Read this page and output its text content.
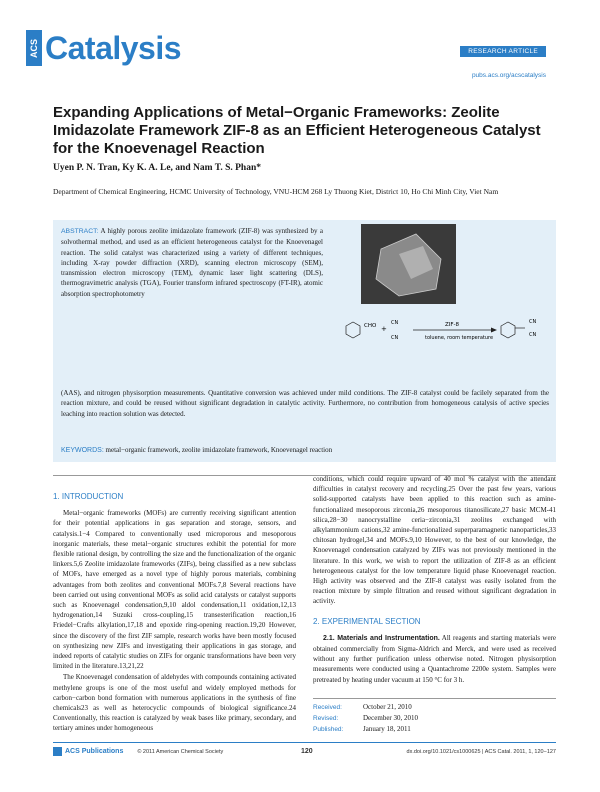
ACS Catalysis	RESEARCH ARTICLE
pubs.acs.org/acscatalysis
Expanding Applications of Metal−Organic Frameworks: Zeolite Imidazolate Framework ZIF-8 as an Efficient Heterogeneous Catalyst for the Knoevenagel Reaction
Uyen P. N. Tran, Ky K. A. Le, and Nam T. S. Phan*
Department of Chemical Engineering, HCMC University of Technology, VNU-HCM 268 Ly Thuong Kiet, District 10, Ho Chi Minh City, Viet Nam
ABSTRACT: A highly porous zeolite imidazolate framework (ZIF-8) was synthesized by a solvothermal method, and used as an efficient heterogeneous catalyst for the Knoevenagel reaction. The solid catalyst was characterized using a variety of different techniques, including X-ray powder diffraction (XRD), scanning electron microscopy (SEM), transmission electron microscopy (TEM), dynamic laser light scattering (DLS), thermogravimetric analysis (TGA), Fourier transform infrared spectroscopy (FT-IR), atomic absorption spectrophotometry
CHO +
CN
CN
ZIF-8
toluene, room temperature
CN
CN
(AAS), and nitrogen physisorption measurements. Quantitative conversion was achieved under mild conditions. The ZIF-8 catalyst could be facilely separated from the reaction mixture, and could be reused without significant degradation in catalytic activity. Furthermore, no contribution from homogeneous catalysis of active species leaching into reaction solution was detected.
KEYWORDS: metal−organic framework, zeolite imidazolate framework, Knoevenagel reaction
1. INTRODUCTION

Metal−organic frameworks (MOFs) are currently receiving significant attention for their potential applications in gas separation and storage, sensors, and catalysis.1−4 Compared to conventionally used microporous and mesoporous inorganic materials, these metal−organic structures exhibit the potential for more flexible rational design, by controlling the size and the functionalization of the organic linkers.5,6 Zeolite imidazolate frameworks (ZIFs), being classified as a new subclass of MOFs, have emerged as a novel type of highly porous materials, combining advantages from both zeolites and conventional MOFs.7,8 Several reactions have been carried out using conventional MOFs as solid acid catalysts or catalyst supports such as Knoevenagel condensation,9,10 aldol condensation,11 oxidation,12,13 hydrogenation,14 Suzuki cross-coupling,15 transesterification reaction,16 Friedel−Crafts alkylation,17,18 and epoxide ring-opening reaction.19,20 However, since the discovery of the first ZIF sample, research works have been mostly focused on synthesizing new ZIFs and investigating their applications in gas storage, and indeed reports of catalytic studies on ZIFs for organic transformations have been very limited in the literature.13,21,22

The Knoevenagel condensation of aldehydes with compounds containing activated methylene groups is one of the most useful and widely employed methods for carbon−carbon bond formation with numerous applications in the synthesis of fine chemicals23 as well as heterocyclic compounds of biological significance.24 Conventionally, this reaction is catalyzed by weak bases like primary, secondary, and tertiary amines under homogeneous

conditions, which could require upward of 40 mol % catalyst with the attendant difficulties in catalyst recovery and recycling.25 Over the past few years, various solid-supported catalysts have been applied to this reaction such as amine-functionalized mesoporous zirconia,26 mesoporous titanosilicate,27 basic MCM-41 silica,28−30 nanocrystalline ceria−zirconia,31 zeolites exchanged with alkylammonium cations,32 amine-functionalized superparamagnetic nanoparticles,33 chitosan hydrogel,34 and MOFs.9,10 However, to the best of our knowledge, the Knoevenagel condensation catalyzed by ZIFs was not previously mentioned in the literature. In this work, we wish to report the utilization of ZIF-8 as an efficient heterogeneous catalyst for the low temperature liquid phase Knoevenagel reaction. High activity was observed and the ZIF-8 catalyst was easily isolated from the reaction mixture by simple filtration and reused without significant degradation in activity.

2. EXPERIMENTAL SECTION

2.1. Materials and Instrumentation. All reagents and starting materials were obtained commercially from Sigma-Aldrich and Merck, and were used as received without any further purification unless otherwise noted. Nitrogen physisorption measurements were conducted using a Quantachrome 2200e system. Samples were pretreated by heating under vacuum at 150 °C for 3 h.

Received:	October 21, 2010
Revised:	December 30, 2010
Published:	January 18, 2011
ACS Publications	© 2011 American Chemical Society	120	dx.doi.org/10.1021/cs1000625 | ACS Catal. 2011, 1, 120−127
